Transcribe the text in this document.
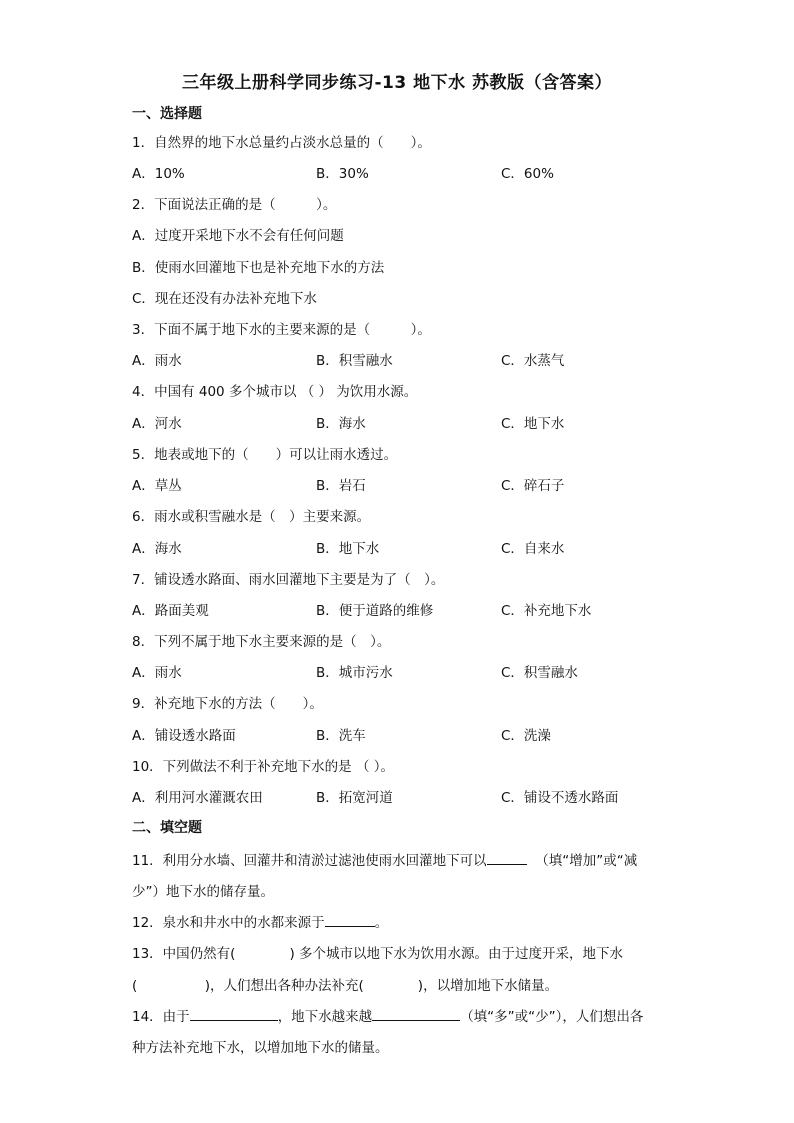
三年级上册科学同步练习-13 地下水 苏教版（含答案）
一、选择题
1．自然界的地下水总量约占淡水总量的（　　）。
A．10%	B．30%	C．60%
2．下面说法正确的是（　　　）。
A．过度开采地下水不会有任何问题
B．使雨水回灌地下也是补充地下水的方法
C．现在还没有办法补充地下水
3．下面不属于地下水的主要来源的是（　　　）。
A．雨水	B．积雪融水	C．水蒸气
4．中国有 400 多个城市以 （ ） 为饮用水源。
A．河水	B．海水	C．地下水
5．地表或地下的（　　）可以让雨水透过。
A．草丛	B．岩石	C．碎石子
6．雨水或积雪融水是（　）主要来源。
A．海水	B．地下水	C．自来水
7．铺设透水路面、雨水回灌地下主要是为了（　）。
A．路面美观	B．便于道路的维修	C．补充地下水
8．下列不属于地下水主要来源的是（　）。
A．雨水	B．城市污水	C．积雪融水
9．补充地下水的方法（　　）。
A．铺设透水路面	B．洗车	C．洗澡
10．下列做法不利于补充地下水的是 （ ）。
A．利用河水灌溉农田	B．拓宽河道	C．铺设不透水路面
二、填空题
11．利用分水墙、回灌井和清淤过滤池使雨水回灌地下可以	（填“增加”或“减
少”）地下水的储存量。
12．泉水和井水中的水都来源于	。
13．中国仍然有(　　　　) 多个城市以地下水为饮用水源。由于过度开采，地下水
(　　　　　)，人们想出各种办法补充(　　　　)，以增加地下水储量。
14．由于	，地下水越来越	（填“多”或“少”），人们想出各
种方法补充地下水，以增加地下水的储量。
